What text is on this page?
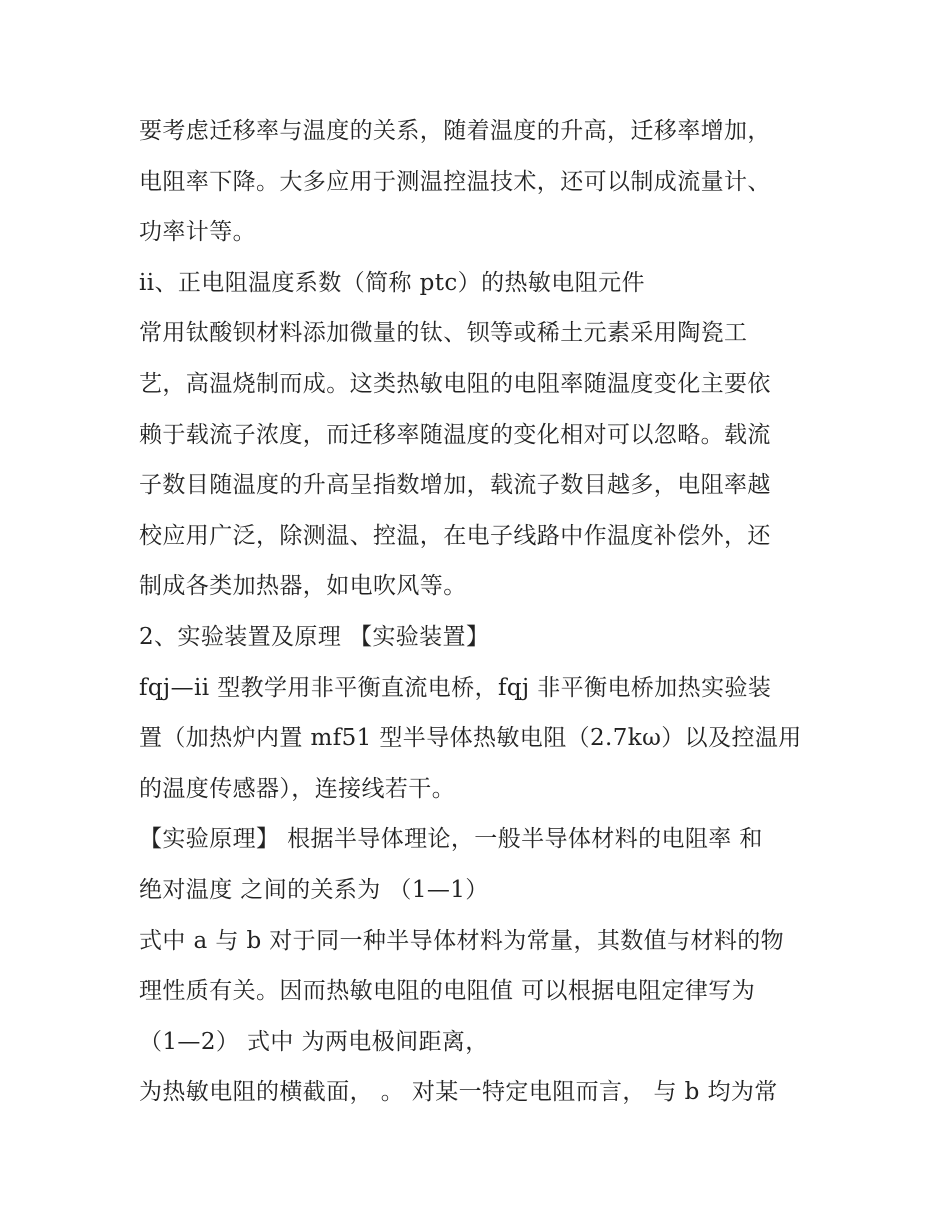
要考虑迁移率与温度的关系，随着温度的升高，迁移率增加，
电阻率下降。大多应用于测温控温技术，还可以制成流量计、
功率计等。
ii、正电阻温度系数（简称 ptc）的热敏电阻元件
常用钛酸钡材料添加微量的钛、钡等或稀土元素采用陶瓷工
艺，高温烧制而成。这类热敏电阻的电阻率随温度变化主要依
赖于载流子浓度，而迁移率随温度的变化相对可以忽略。载流
子数目随温度的升高呈指数增加，载流子数目越多，电阻率越
校应用广泛，除测温、控温，在电子线路中作温度补偿外，还
制成各类加热器，如电吹风等。
2、实验装置及原理 【实验装置】
fqj—ii 型教学用非平衡直流电桥，fqj 非平衡电桥加热实验装
置（加热炉内置 mf51 型半导体热敏电阻（2.7kω）以及控温用
的温度传感器），连接线若干。
【实验原理】 根据半导体理论，一般半导体材料的电阻率 和
绝对温度 之间的关系为 （1—1）
式中 a 与 b 对于同一种半导体材料为常量，其数值与材料的物
理性质有关。因而热敏电阻的电阻值 可以根据电阻定律写为
（1—2） 式中 为两电极间距离，
为热敏电阻的横截面， 。 对某一特定电阻而言， 与 b 均为常
